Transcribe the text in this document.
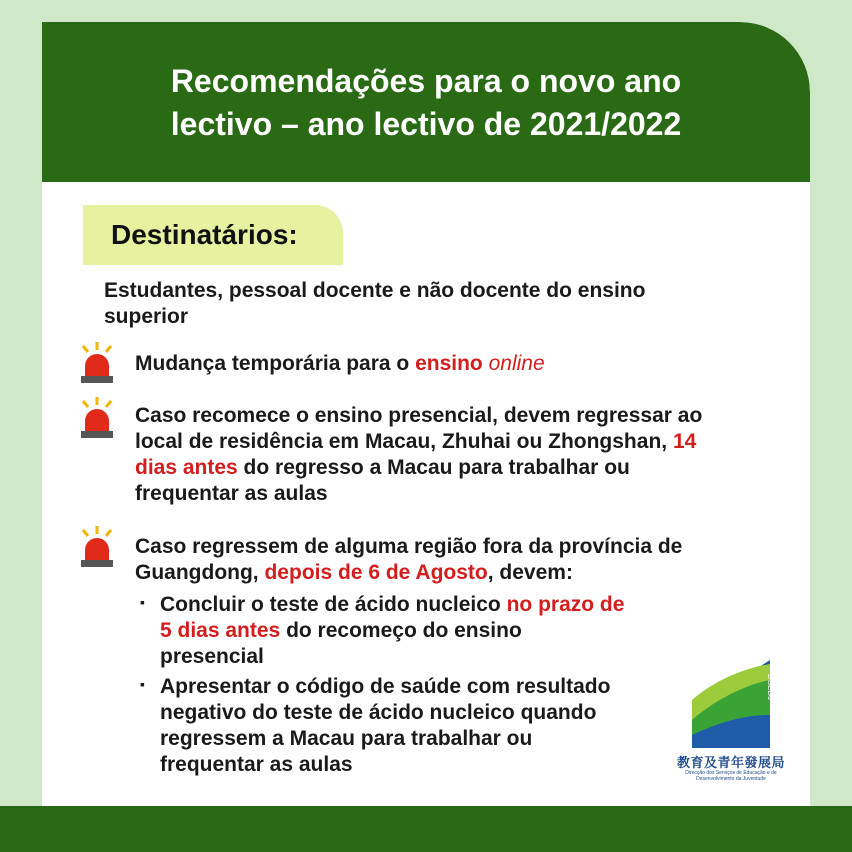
Recomendações para o novo ano
lectivo – ano lectivo de 2021/2022
Destinatários:
Estudantes, pessoal docente e não docente do ensino
superior
Mudança temporária para o ensino online
Caso recomece o ensino presencial, devem regressar ao
local de residência em Macau, Zhuhai ou Zhongshan, 14
dias antes do regresso a Macau para trabalhar ou
frequentar as aulas
Caso regressem de alguma região fora da província de
Guangdong, depois de 6 de Agosto, devem:
▪ Concluir o teste de ácido nucleico no prazo de
5 dias antes do recomeço do ensino
presencial
▪ Apresentar o código de saúde com resultado
negativo do teste de ácido nucleico quando
regressem a Macau para trabalhar ou
frequentar as aulas
DSEDJ
教育及青年發展局
Direcção dos Serviços de Educação e de Desenvolvimento da Juventude
